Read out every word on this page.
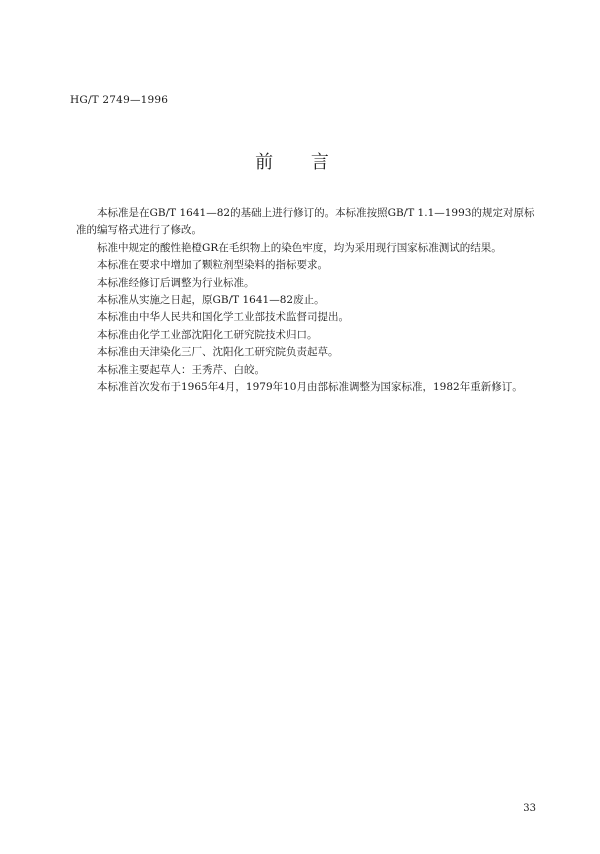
HG/T 2749—1996
前 言

本标准是在GB/T 1641—82的基础上进行修订的。本标准按照GB/T 1.1—1993的规定对原标准的编写格式进行了修改。

标准中规定的酸性艳橙GR在毛织物上的染色牢度，均为采用现行国家标准测试的结果。

本标准在要求中增加了颗粒剂型染料的指标要求。

本标准经修订后调整为行业标准。

本标准从实施之日起，原GB/T 1641—82废止。

本标准由中华人民共和国化学工业部技术监督司提出。

本标准由化学工业部沈阳化工研究院技术归口。

本标准由天津染化三厂、沈阳化工研究院负责起草。

本标准主要起草人：王秀芹、白皎。

本标准首次发布于1965年4月，1979年10月由部标准调整为国家标准，1982年重新修订。

33
